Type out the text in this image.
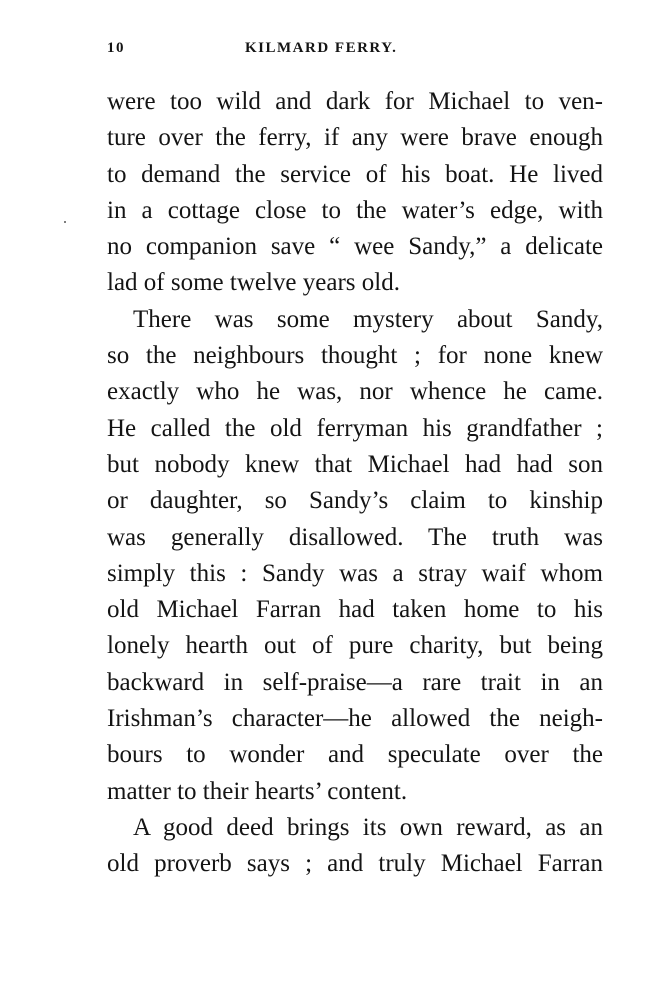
10	KILMARD FERRY.
were too wild and dark for Michael to ven-
ture over the ferry, if any were brave enough
to demand the service of his boat. He lived
in a cottage close to the water’s edge, with
no companion save “ wee Sandy,” a delicate
lad of some twelve years old.
There was some mystery about Sandy,
so the neighbours thought ; for none knew
exactly who he was, nor whence he came.
He called the old ferryman his grandfather ;
but nobody knew that Michael had had son
or daughter, so Sandy’s claim to kinship
was generally disallowed. The truth was
simply this : Sandy was a stray waif whom
old Michael Farran had taken home to his
lonely hearth out of pure charity, but being
backward in self-praise—a rare trait in an
Irishman’s character—he allowed the neigh-
bours to wonder and speculate over the
matter to their hearts’ content.
A good deed brings its own reward, as an
old proverb says ; and truly Michael Farran
